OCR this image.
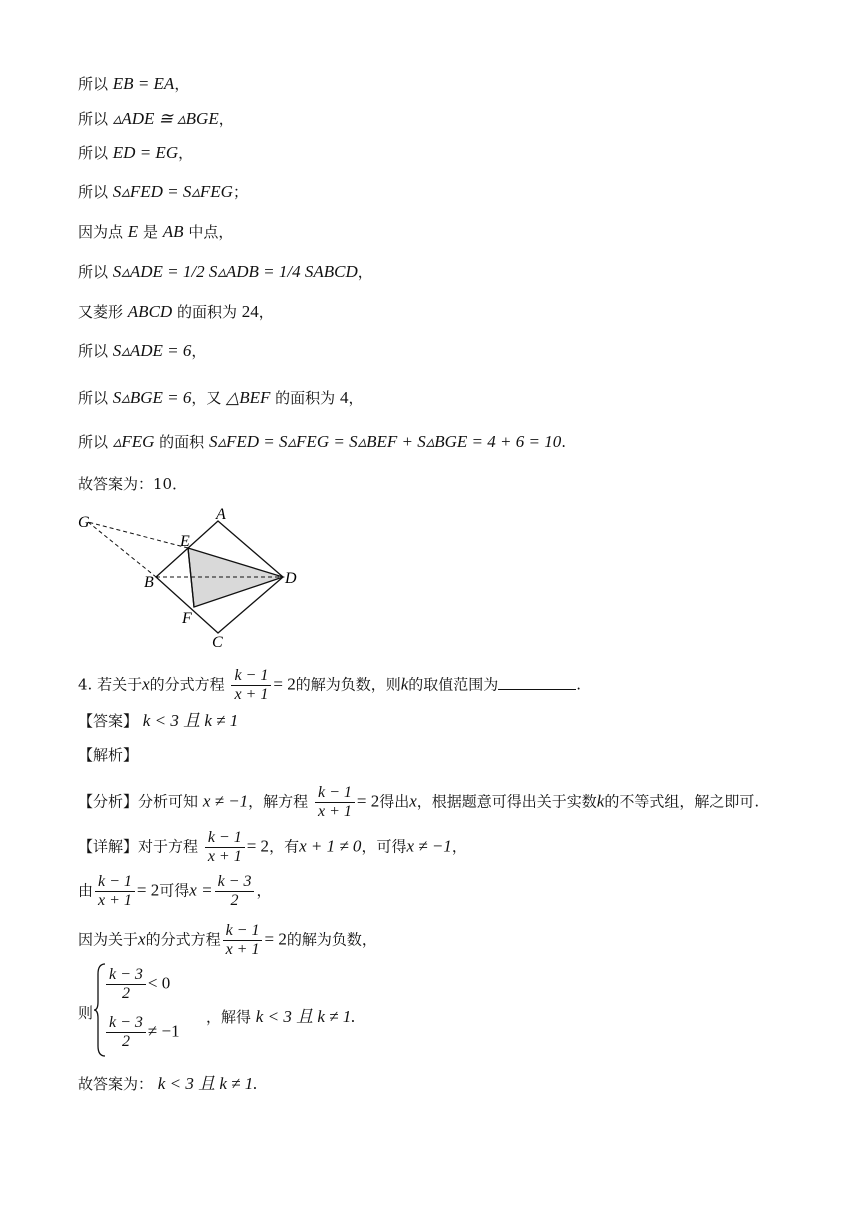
所以 EB = EA，
所以 ▵ADE ≅ ▵BGE，
所以 ED = EG，
所以 S▵FED = S▵FEG；
因为点 E 是 AB 中点，
所以 S▵ADE = 1/2 S▵ADB = 1/4 SABCD，
又菱形 ABCD 的面积为 24，
所以 S▵ADE = 6，
所以 S▵BGE = 6，又 △BEF 的面积为 4，
所以 ▵FEG 的面积 S▵FED = S▵FEG = S▵BEF + S▵BGE = 4 + 6 = 10.
故答案为：10．
A
G
E
B	D
F
C
4. 若关于x的分式方程 $\frac{k - 1}{x + 1} = 2$的解为负数，则k的取值范围为	.
【答案】 k < 3 且 k ≠ 1
【解析】
【分析】分析可知 x ≠ −1，解方程 $\frac{k - 1}{x + 1} = 2$得出x，根据题意可得出关于实数k的不等式组，解之即可.
【详解】对于方程 $\frac{k - 1}{x + 1} = 2$，有x + 1 ≠ 0，可得x ≠ −1，
由 $\frac{k - 1}{x + 1} = 2$可得$x = \frac{k - 3}{2}$ ，
因为关于x的分式方程 $\frac{k - 1}{x + 1} = 2$的解为负数，
则
$\frac{k - 3}{2} < 0$
$\frac{k - 3}{2} \ne -1$
，解得 k < 3 且 k ≠ 1.
故答案为： k < 3 且 k ≠ 1.
